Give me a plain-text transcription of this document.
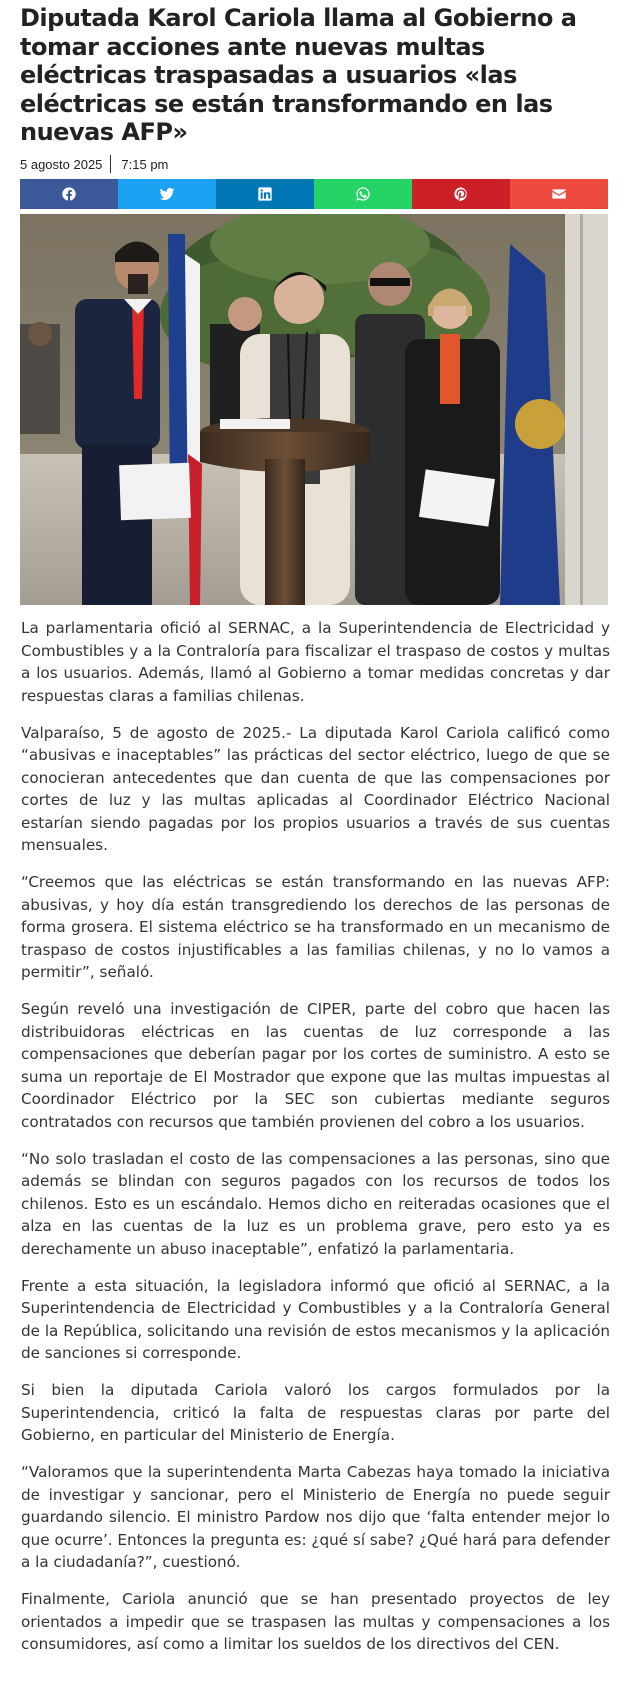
Diputada Karol Cariola llama al Gobierno a tomar acciones ante nuevas multas eléctricas traspasadas a usuarios «las eléctricas se están transformando en las nuevas AFP»
5 agosto 2025 7:15 pm

La parlamentaria ofició al SERNAC, a la Superintendencia de Electricidad y Combustibles y a la Contraloría para fiscalizar el traspaso de costos y multas a los usuarios. Además, llamó al Gobierno a tomar medidas concretas y dar respuestas claras a familias chilenas.

Valparaíso, 5 de agosto de 2025.- La diputada Karol Cariola calificó como “abusivas e inaceptables” las prácticas del sector eléctrico, luego de que se conocieran antecedentes que dan cuenta de que las compensaciones por cortes de luz y las multas aplicadas al Coordinador Eléctrico Nacional estarían siendo pagadas por los propios usuarios a través de sus cuentas mensuales.

“Creemos que las eléctricas se están transformando en las nuevas AFP: abusivas, y hoy día están transgrediendo los derechos de las personas de forma grosera. El sistema eléctrico se ha transformado en un mecanismo de traspaso de costos injustificables a las familias chilenas, y no lo vamos a permitir”, señaló.

Según reveló una investigación de CIPER, parte del cobro que hacen las distribuidoras eléctricas en las cuentas de luz corresponde a las compensaciones que deberían pagar por los cortes de suministro. A esto se suma un reportaje de El Mostrador que expone que las multas impuestas al Coordinador Eléctrico por la SEC son cubiertas mediante seguros contratados con recursos que también provienen del cobro a los usuarios.

“No solo trasladan el costo de las compensaciones a las personas, sino que además se blindan con seguros pagados con los recursos de todos los chilenos. Esto es un escándalo. Hemos dicho en reiteradas ocasiones que el alza en las cuentas de la luz es un problema grave, pero esto ya es derechamente un abuso inaceptable”, enfatizó la parlamentaria.

Frente a esta situación, la legisladora informó que ofició al SERNAC, a la Superintendencia de Electricidad y Combustibles y a la Contraloría General de la República, solicitando una revisión de estos mecanismos y la aplicación de sanciones si corresponde.

Si bien la diputada Cariola valoró los cargos formulados por la Superintendencia, criticó la falta de respuestas claras por parte del Gobierno, en particular del Ministerio de Energía.

“Valoramos que la superintendenta Marta Cabezas haya tomado la iniciativa de investigar y sancionar, pero el Ministerio de Energía no puede seguir guardando silencio. El ministro Pardow nos dijo que ‘falta entender mejor lo que ocurre’. Entonces la pregunta es: ¿qué sí sabe? ¿Qué hará para defender a la ciudadanía?”, cuestionó.

Finalmente, Cariola anunció que se han presentado proyectos de ley orientados a impedir que se traspasen las multas y compensaciones a los consumidores, así como a limitar los sueldos de los directivos del CEN.
